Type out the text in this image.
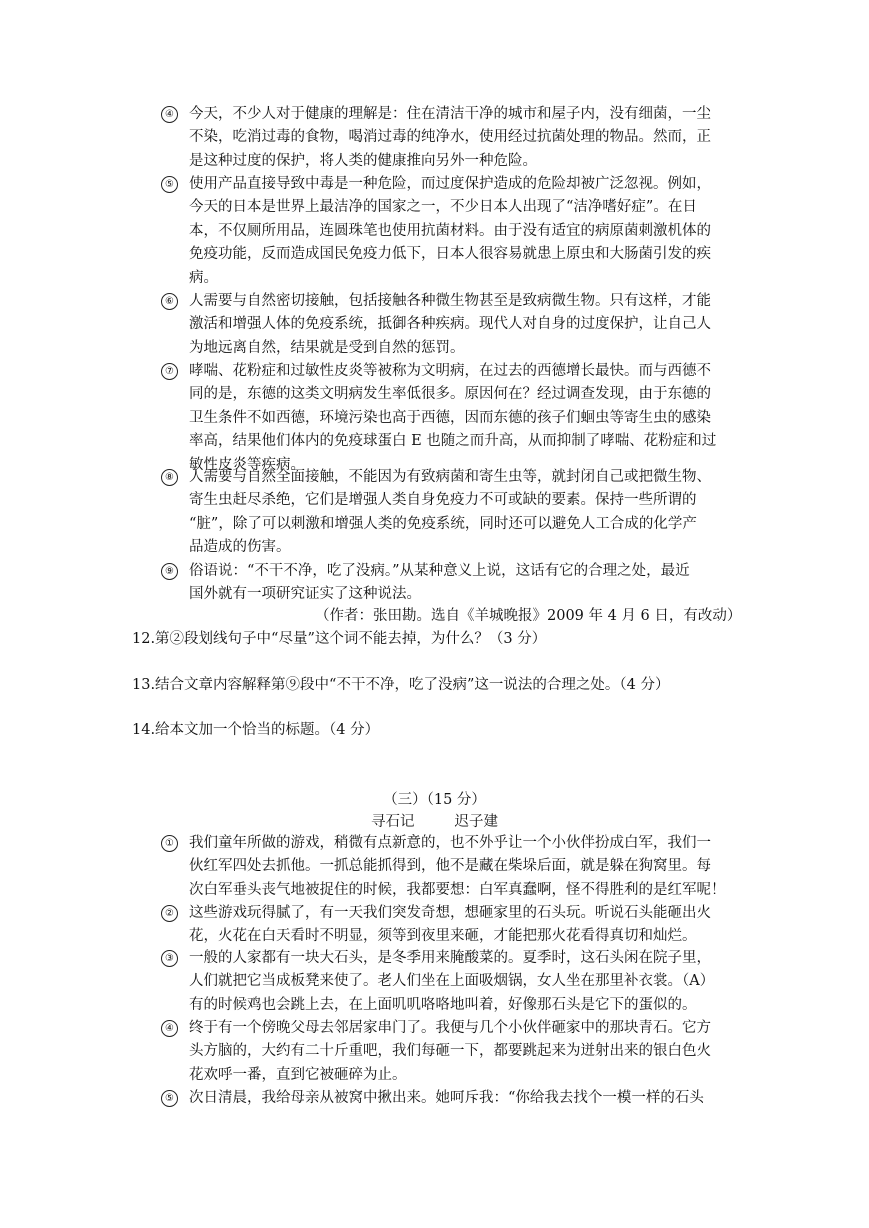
④ 今天，不少人对于健康的理解是：住在清洁干净的城市和屋子内，没有细菌，一尘
不染，吃消过毒的食物，喝消过毒的纯净水，使用经过抗菌处理的物品。然而，正
是这种过度的保护，将人类的健康推向另外一种危险。
⑤ 使用产品直接导致中毒是一种危险，而过度保护造成的危险却被广泛忽视。例如，
今天的日本是世界上最洁净的国家之一，不少日本人出现了“洁净嗜好症”。在日
本，不仅厕所用品，连圆珠笔也使用抗菌材料。由于没有适宜的病原菌刺激机体的
免疫功能，反而造成国民免疫力低下，日本人很容易就患上原虫和大肠菌引发的疾
病。
⑥ 人需要与自然密切接触，包括接触各种微生物甚至是致病微生物。只有这样，才能
激活和增强人体的免疫系统，抵御各种疾病。现代人对自身的过度保护，让自己人
为地远离自然，结果就是受到自然的惩罚。
⑦ 哮喘、花粉症和过敏性皮炎等被称为文明病，在过去的西德增长最快。而与西德不
同的是，东德的这类文明病发生率低很多。原因何在？经过调查发现，由于东德的
卫生条件不如西德，环境污染也高于西德，因而东德的孩子们蛔虫等寄生虫的感染
率高，结果他们体内的免疫球蛋白 E 也随之而升高，从而抑制了哮喘、花粉症和过
敏性皮炎等疾病。
⑧ 人需要与自然全面接触，不能因为有致病菌和寄生虫等，就封闭自己或把微生物、
寄生虫赶尽杀绝，它们是增强人类自身免疫力不可或缺的要素。保持一些所谓的
“脏”，除了可以刺激和增强人类的免疫系统，同时还可以避免人工合成的化学产
品造成的伤害。
⑨ 俗语说：“不干不净，吃了没病。”从某种意义上说，这话有它的合理之处，最近
国外就有一项研究证实了这种说法。
（作者：张田勘。选自《羊城晚报》2009 年 4 月 6 日，有改动）
12.第②段划线句子中“尽量”这个词不能去掉，为什么？（3 分）
13.结合文章内容解释第⑨段中“不干不净，吃了没病”这一说法的合理之处。（4 分）
14.给本文加一个恰当的标题。（4 分）
（三）（15 分）
寻石记	迟子建
① 我们童年所做的游戏，稍微有点新意的，也不外乎让一个小伙伴扮成白军，我们一
伙红军四处去抓他。一抓总能抓得到，他不是藏在柴垛后面，就是躲在狗窝里。每
次白军垂头丧气地被捉住的时候，我都要想：白军真蠢啊，怪不得胜利的是红军呢！
② 这些游戏玩得腻了，有一天我们突发奇想，想砸家里的石头玩。听说石头能砸出火
花，火花在白天看时不明显，须等到夜里来砸，才能把那火花看得真切和灿烂。
③ 一般的人家都有一块大石头，是冬季用来腌酸菜的。夏季时，这石头闲在院子里，
人们就把它当成板凳来使了。老人们坐在上面吸烟锅，女人坐在那里补衣裳。（A）
有的时候鸡也会跳上去，在上面叽叽咯咯地叫着，好像那石头是它下的蛋似的。
④ 终于有一个傍晚父母去邻居家串门了。我便与几个小伙伴砸家中的那块青石。它方
头方脑的，大约有二十斤重吧，我们每砸一下，都要跳起来为迸射出来的银白色火
花欢呼一番，直到它被砸碎为止。
⑤ 次日清晨，我给母亲从被窝中揪出来。她呵斥我：“你给我去找个一模一样的石头
